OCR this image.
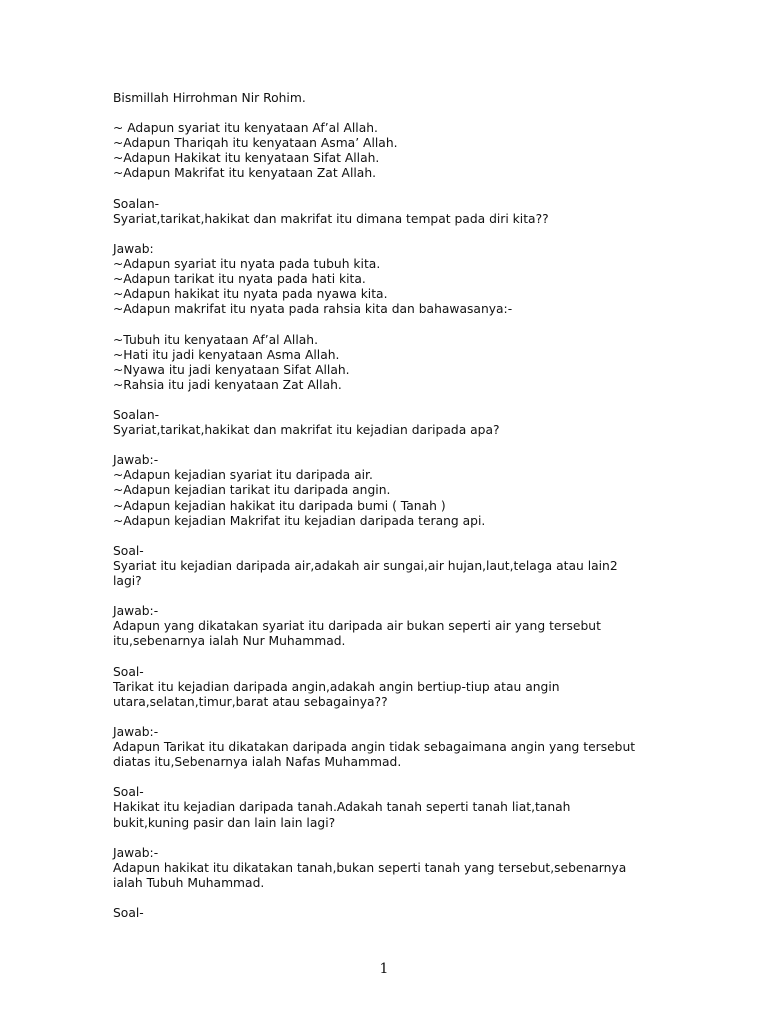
Bismillah Hirrohman Nir Rohim.
~ Adapun syariat itu kenyataan Af’al Allah.
~Adapun Thariqah itu kenyataan Asma’ Allah.
~Adapun Hakikat itu kenyataan Sifat Allah.
~Adapun Makrifat itu kenyataan Zat Allah.
Soalan-
Syariat,tarikat,hakikat dan makrifat itu dimana tempat pada diri kita??
Jawab:
~Adapun syariat itu nyata pada tubuh kita.
~Adapun tarikat itu nyata pada hati kita.
~Adapun hakikat itu nyata pada nyawa kita.
~Adapun makrifat itu nyata pada rahsia kita dan bahawasanya:-
~Tubuh itu kenyataan Af’al Allah.
~Hati itu jadi kenyataan Asma Allah.
~Nyawa itu jadi kenyataan Sifat Allah.
~Rahsia itu jadi kenyataan Zat Allah.
Soalan-
Syariat,tarikat,hakikat dan makrifat itu kejadian daripada apa?
Jawab:-
~Adapun kejadian syariat itu daripada air.
~Adapun kejadian tarikat itu daripada angin.
~Adapun kejadian hakikat itu daripada bumi ( Tanah )
~Adapun kejadian Makrifat itu kejadian daripada terang api.
Soal-
Syariat itu kejadian daripada air,adakah air sungai,air hujan,laut,telaga atau lain2
lagi?
Jawab:-
Adapun yang dikatakan syariat itu daripada air bukan seperti air yang tersebut
itu,sebenarnya ialah Nur Muhammad.
Soal-
Tarikat itu kejadian daripada angin,adakah angin bertiup-tiup atau angin
utara,selatan,timur,barat atau sebagainya??
Jawab:-
Adapun Tarikat itu dikatakan daripada angin tidak sebagaimana angin yang tersebut
diatas itu,Sebenarnya ialah Nafas Muhammad.
Soal-
Hakikat itu kejadian daripada tanah.Adakah tanah seperti tanah liat,tanah
bukit,kuning pasir dan lain lain lagi?
Jawab:-
Adapun hakikat itu dikatakan tanah,bukan seperti tanah yang tersebut,sebenarnya
ialah Tubuh Muhammad.
Soal-
1
